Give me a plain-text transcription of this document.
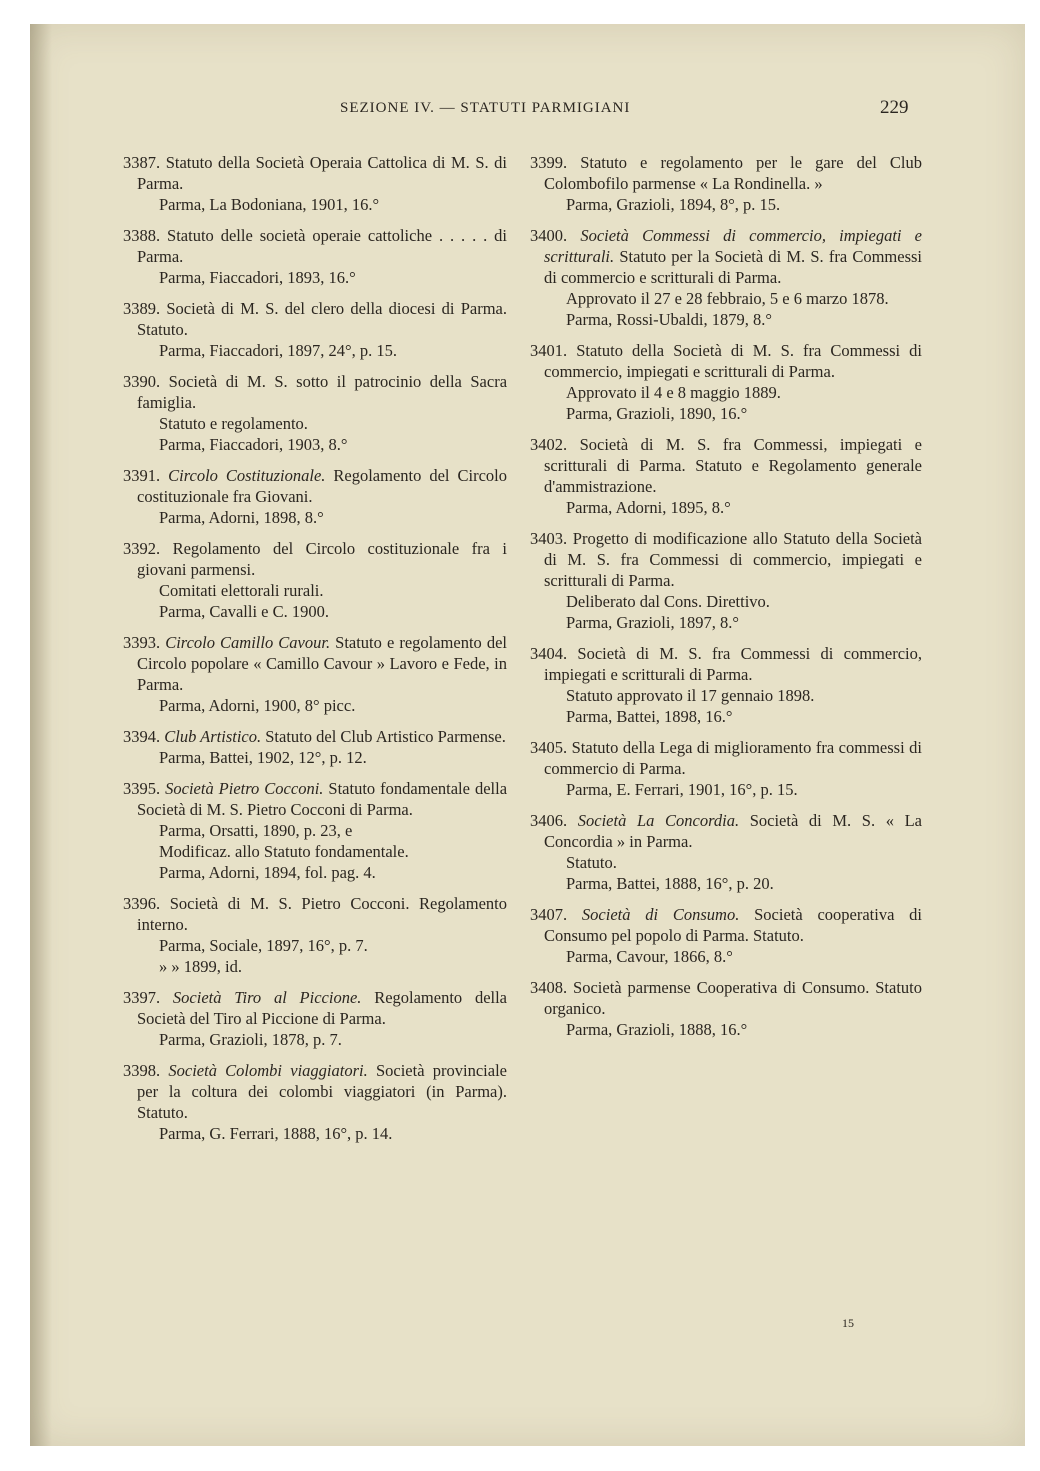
SEZIONE IV. — STATUTI PARMIGIANI	229

3387. Statuto della Società Operaia Cattolica di M. S. di Parma.

Parma, La Bodoniana, 1901, 16.°

3388. Statuto delle società operaie cattoliche . . . . . di Parma.

Parma, Fiaccadori, 1893, 16.°

3389. Società di M. S. del clero della diocesi di Parma. Statuto.

Parma, Fiaccadori, 1897, 24°, p. 15.

3390. Società di M. S. sotto il patrocinio della Sacra famiglia.

Statuto e regolamento.

Parma, Fiaccadori, 1903, 8.°

3391. Circolo Costituzionale. Regolamento del Circolo costituzionale fra Giovani.

Parma, Adorni, 1898, 8.°

3392. Regolamento del Circolo costituzionale fra i giovani parmensi.

Comitati elettorali rurali.

Parma, Cavalli e C. 1900.

3393. Circolo Camillo Cavour. Statuto e regolamento del Circolo popolare « Camillo Cavour » Lavoro e Fede, in Parma.

Parma, Adorni, 1900, 8° picc.

3394. Club Artistico. Statuto del Club Artistico Parmense.

Parma, Battei, 1902, 12°, p. 12.

3395. Società Pietro Cocconi. Statuto fondamentale della Società di M. S. Pietro Cocconi di Parma.

Parma, Orsatti, 1890, p. 23, e

Modificaz. allo Statuto fondamentale.

Parma, Adorni, 1894, fol. pag. 4.

3396. Società di M. S. Pietro Cocconi. Regolamento interno.

Parma, Sociale, 1897, 16°, p. 7.

» » 1899, id.

3397. Società Tiro al Piccione. Regolamento della Società del Tiro al Piccione di Parma.

Parma, Grazioli, 1878, p. 7.

3398. Società Colombi viaggiatori. Società provinciale per la coltura dei colombi viaggiatori (in Parma). Statuto.

Parma, G. Ferrari, 1888, 16°, p. 14.

3399. Statuto e regolamento per le gare del Club Colombofilo parmense « La Rondinella. »

Parma, Grazioli, 1894, 8°, p. 15.

3400. Società Commessi di commercio, impiegati e scritturali. Statuto per la Società di M. S. fra Commessi di commercio e scritturali di Parma.

Approvato il 27 e 28 febbraio, 5 e 6 marzo 1878.

Parma, Rossi-Ubaldi, 1879, 8.°

3401. Statuto della Società di M. S. fra Commessi di commercio, impiegati e scritturali di Parma.

Approvato il 4 e 8 maggio 1889.

Parma, Grazioli, 1890, 16.°

3402. Società di M. S. fra Commessi, impiegati e scritturali di Parma. Statuto e Regolamento generale d'ammistrazione.

Parma, Adorni, 1895, 8.°

3403. Progetto di modificazione allo Statuto della Società di M. S. fra Commessi di commercio, impiegati e scritturali di Parma.

Deliberato dal Cons. Direttivo.

Parma, Grazioli, 1897, 8.°

3404. Società di M. S. fra Commessi di commercio, impiegati e scritturali di Parma.

Statuto approvato il 17 gennaio 1898.

Parma, Battei, 1898, 16.°

3405. Statuto della Lega di miglioramento fra commessi di commercio di Parma.

Parma, E. Ferrari, 1901, 16°, p. 15.

3406. Società La Concordia. Società di M. S. « La Concordia » in Parma.

Statuto.

Parma, Battei, 1888, 16°, p. 20.

3407. Società di Consumo. Società cooperativa di Consumo pel popolo di Parma. Statuto.

Parma, Cavour, 1866, 8.°

3408. Società parmense Cooperativa di Consumo. Statuto organico.

Parma, Grazioli, 1888, 16.°

15
